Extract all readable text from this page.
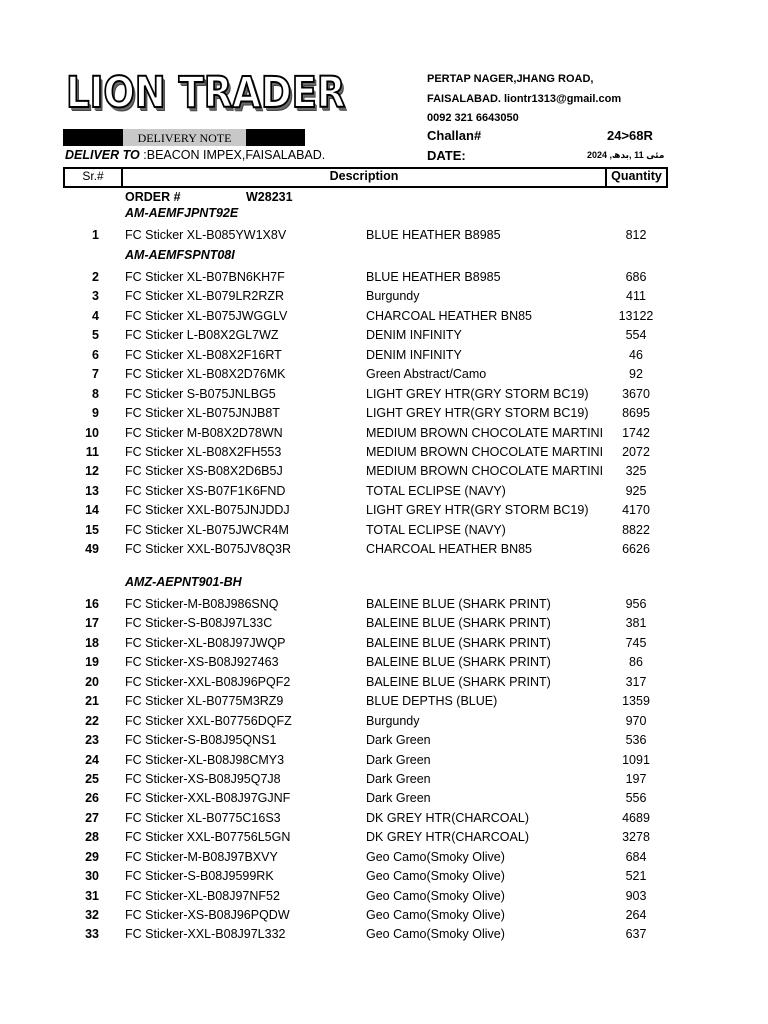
LION TRADER	PERTAP NAGER,JHANG ROAD,
FAISALABAD. liontr1313@gmail.com
0092 321 6643050
DELIVERY NOTE	Challan#	24>68R
DATE:	2024 ,مئی 11 ,بدھ
DELIVER TO :BEACON IMPEX,FAISALABAD.
Sr.#	Description	Quantity
ORDER #	W28231
AM-AEMFJPNT92E
1 FC Sticker XL-B085YW1X8V	BLUE HEATHER B8985	812
AM-AEMFSPNT08I
2 FC Sticker XL-B07BN6KH7F	BLUE HEATHER B8985	686
3 FC Sticker XL-B079LR2RZR	Burgundy	411
4 FC Sticker XL-B075JWGGLV	CHARCOAL HEATHER BN85	13122
5 FC Sticker L-B08X2GL7WZ	DENIM INFINITY	554
6 FC Sticker XL-B08X2F16RT	DENIM INFINITY	46
7 FC Sticker XL-B08X2D76MK	Green Abstract/Camo	92
8 FC Sticker S-B075JNLBG5	LIGHT GREY HTR(GRY STORM BC19)	3670
9 FC Sticker XL-B075JNJB8T	LIGHT GREY HTR(GRY STORM BC19)	8695
10 FC Sticker M-B08X2D78WN	MEDIUM BROWN CHOCOLATE MARTINI	1742
11 FC Sticker XL-B08X2FH553	MEDIUM BROWN CHOCOLATE MARTINI	2072
12 FC Sticker XS-B08X2D6B5J	MEDIUM BROWN CHOCOLATE MARTINI	325
13 FC Sticker XS-B07F1K6FND	TOTAL ECLIPSE (NAVY)	925
14 FC Sticker XXL-B075JNJDDJ	LIGHT GREY HTR(GRY STORM BC19)	4170
15 FC Sticker XL-B075JWCR4M	TOTAL ECLIPSE (NAVY)	8822
49 FC Sticker XXL-B075JV8Q3R	CHARCOAL HEATHER BN85	6626
AMZ-AEPNT901-BH
16 FC Sticker-M-B08J986SNQ	BALEINE BLUE (SHARK PRINT)	956
17 FC Sticker-S-B08J97L33C	BALEINE BLUE (SHARK PRINT)	381
18 FC Sticker-XL-B08J97JWQP	BALEINE BLUE (SHARK PRINT)	745
19 FC Sticker-XS-B08J927463	BALEINE BLUE (SHARK PRINT)	86
20 FC Sticker-XXL-B08J96PQF2	BALEINE BLUE (SHARK PRINT)	317
21 FC Sticker XL-B0775M3RZ9	BLUE DEPTHS (BLUE)	1359
22 FC Sticker XXL-B07756DQFZ	Burgundy	970
23 FC Sticker-S-B08J95QNS1	Dark Green	536
24 FC Sticker-XL-B08J98CMY3	Dark Green	1091
25 FC Sticker-XS-B08J95Q7J8	Dark Green	197
26 FC Sticker-XXL-B08J97GJNF	Dark Green	556
27 FC Sticker XL-B0775C16S3	DK GREY HTR(CHARCOAL)	4689
28 FC Sticker XXL-B07756L5GN	DK GREY HTR(CHARCOAL)	3278
29 FC Sticker-M-B08J97BXVY	Geo Camo(Smoky Olive)	684
30 FC Sticker-S-B08J9599RK	Geo Camo(Smoky Olive)	521
31 FC Sticker-XL-B08J97NF52	Geo Camo(Smoky Olive)	903
32 FC Sticker-XS-B08J96PQDW	Geo Camo(Smoky Olive)	264
33 FC Sticker-XXL-B08J97L332	Geo Camo(Smoky Olive)	637
